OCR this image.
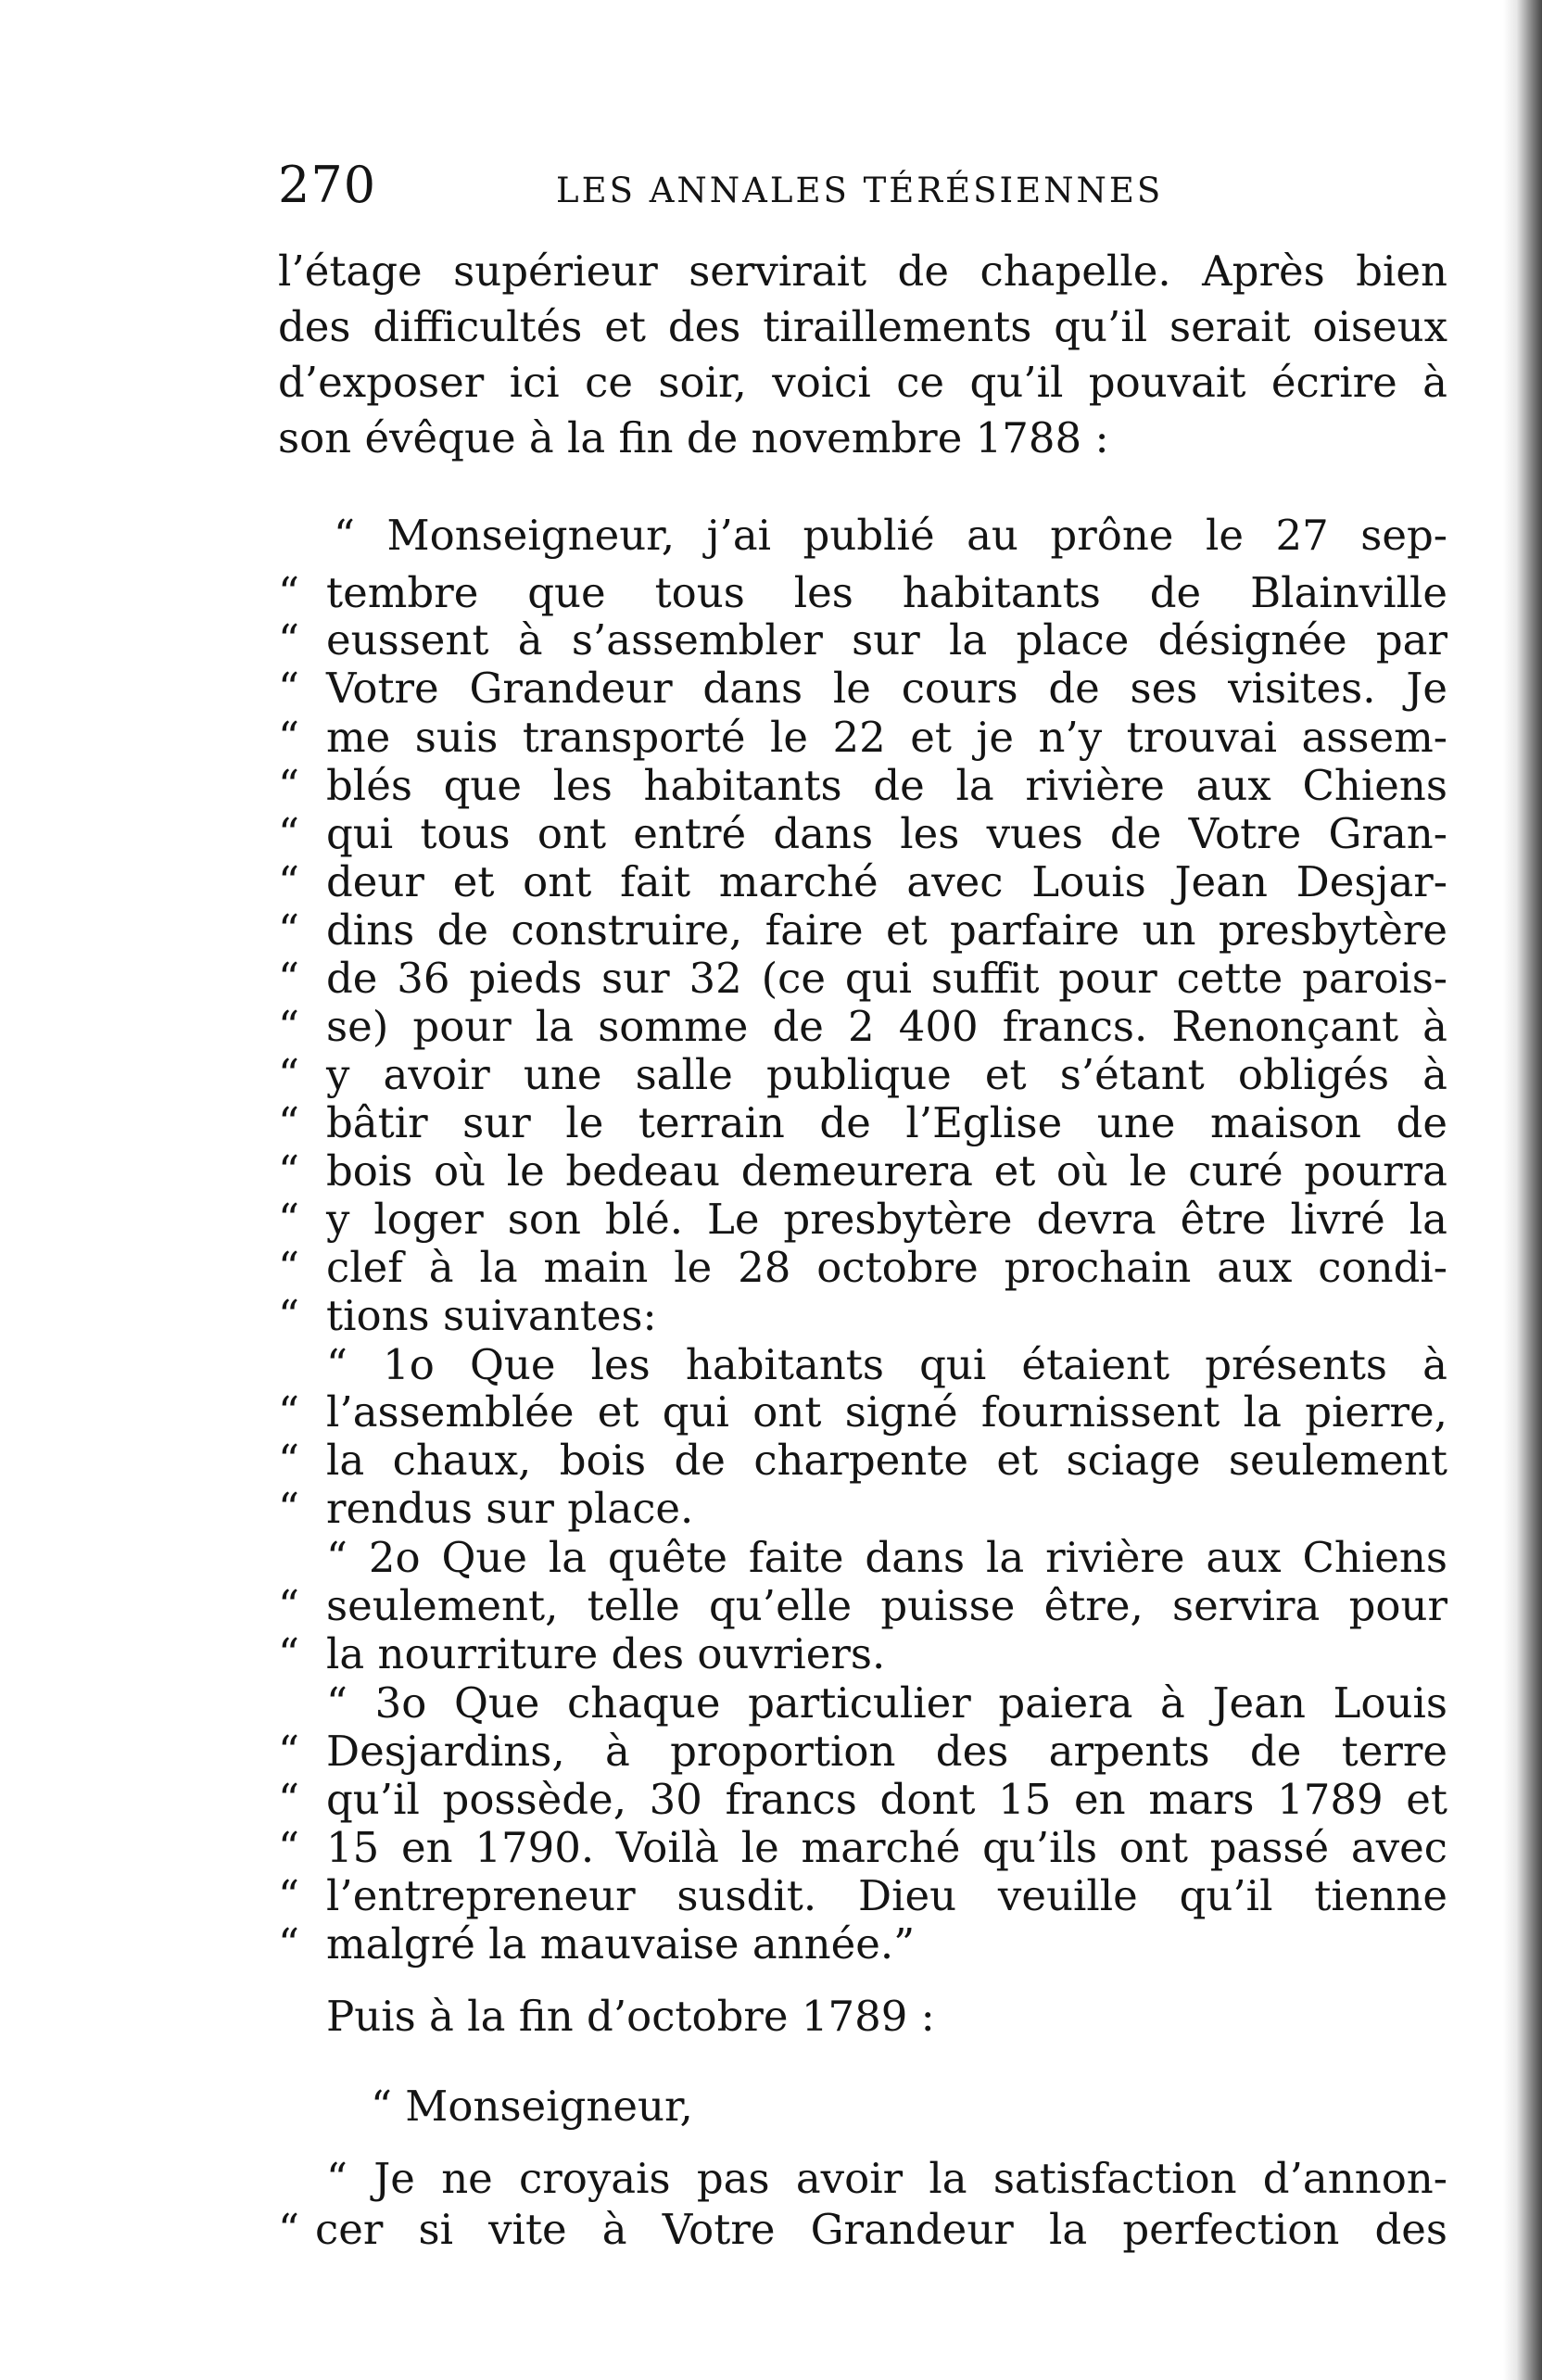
270	LES ANNALES TÉRÉSIENNES
l’étage supérieur servirait de chapelle. Après bien
des difficultés et des tiraillements qu’il serait oiseux
d’exposer ici ce soir, voici ce qu’il pouvait écrire à
son évêque à la fin de novembre 1788 :
“ Monseigneur, j’ai publié au prône le 27 sep-
“ tembre que tous les habitants de Blainville
“ eussent à s’assembler sur la place désignée par
“ Votre Grandeur dans le cours de ses visites. Je
“ me suis transporté le 22 et je n’y trouvai assem-
“ blés que les habitants de la rivière aux Chiens
“ qui tous ont entré dans les vues de Votre Gran-
“ deur et ont fait marché avec Louis Jean Desjar-
“ dins de construire, faire et parfaire un presbytère
“ de 36 pieds sur 32 (ce qui suffit pour cette parois-
“ se) pour la somme de 2 400 francs. Renonçant à
“ y avoir une salle publique et s’étant obligés à
“ bâtir sur le terrain de l’Eglise une maison de
“ bois où le bedeau demeurera et où le curé pourra
“ y loger son blé. Le presbytère devra être livré la
“ clef à la main le 28 octobre prochain aux condi-
“ tions suivantes:
“ 1o Que les habitants qui étaient présents à
“ l’assemblée et qui ont signé fournissent la pierre,
“ la chaux, bois de charpente et sciage seulement
“ rendus sur place.
“ 2o Que la quête faite dans la rivière aux Chiens
“ seulement, telle qu’elle puisse être, servira pour
“ la nourriture des ouvriers.
“ 3o Que chaque particulier paiera à Jean Louis
“ Desjardins, à proportion des arpents de terre
“ qu’il possède, 30 francs dont 15 en mars 1789 et
“ 15 en 1790. Voilà le marché qu’ils ont passé avec
“ l’entrepreneur susdit. Dieu veuille qu’il tienne
“ malgré la mauvaise année.”
Puis à la fin d’octobre 1789 :
“ Monseigneur,
“ Je ne croyais pas avoir la satisfaction d’annon-
“ cer si vite à Votre Grandeur la perfection des
